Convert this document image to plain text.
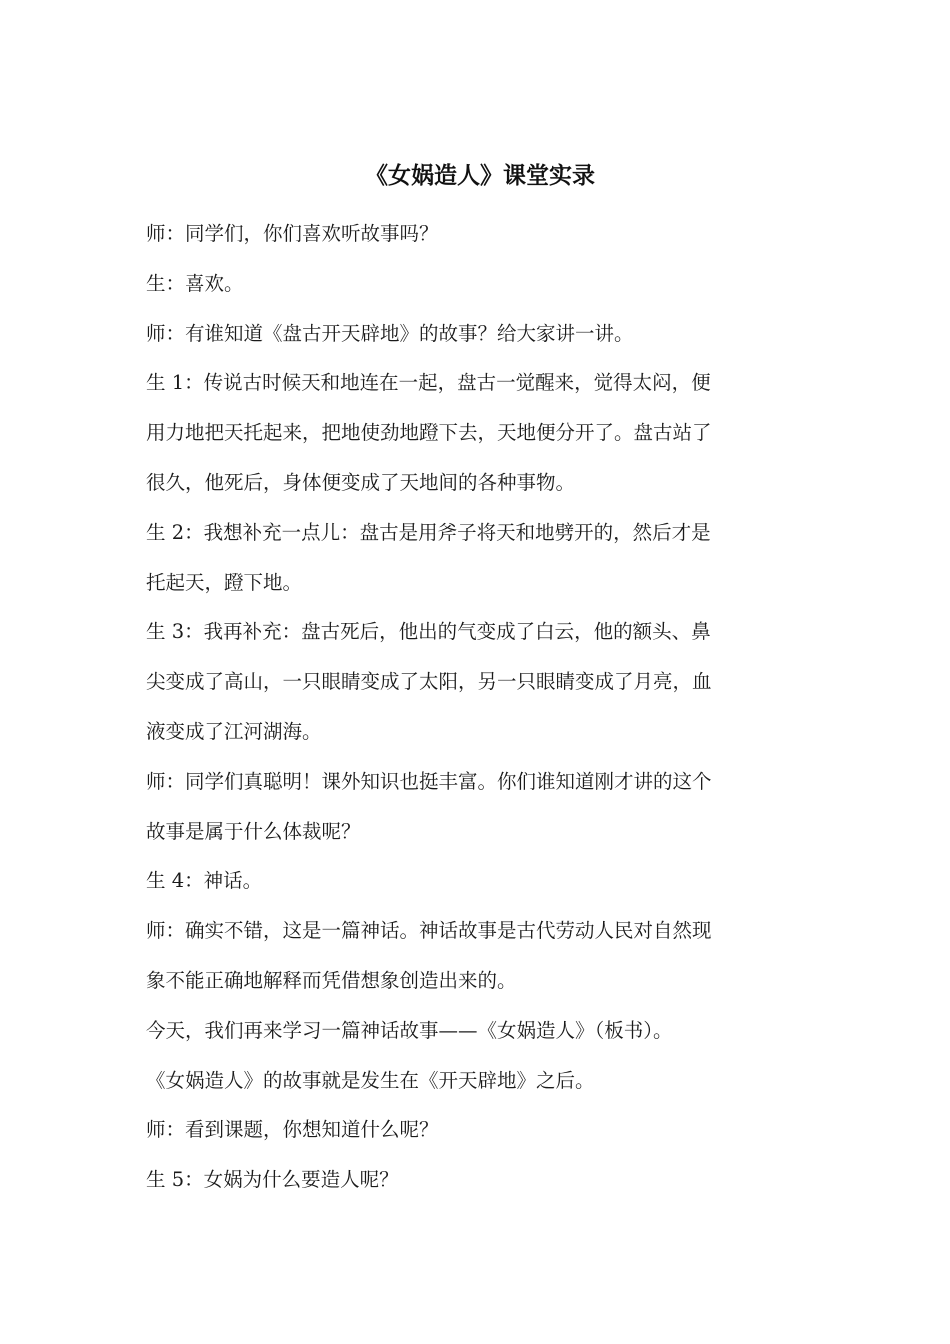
《女娲造人》课堂实录
师：同学们，你们喜欢听故事吗？
生：喜欢。
师：有谁知道《盘古开天辟地》的故事？给大家讲一讲。
生 1：传说古时候天和地连在一起，盘古一觉醒来，觉得太闷，便
用力地把天托起来，把地使劲地蹬下去，天地便分开了。盘古站了
很久，他死后，身体便变成了天地间的各种事物。
生 2：我想补充一点儿：盘古是用斧子将天和地劈开的，然后才是
托起天，蹬下地。
生 3：我再补充：盘古死后，他出的气变成了白云，他的额头、鼻
尖变成了高山，一只眼睛变成了太阳，另一只眼睛变成了月亮，血
液变成了江河湖海。
师：同学们真聪明！课外知识也挺丰富。你们谁知道刚才讲的这个
故事是属于什么体裁呢？
生 4：神话。
师：确实不错，这是一篇神话。神话故事是古代劳动人民对自然现
象不能正确地解释而凭借想象创造出来的。
今天，我们再来学习一篇神话故事——《女娲造人》（板书）。
《女娲造人》的故事就是发生在《开天辟地》之后。
师：看到课题，你想知道什么呢？
生 5：女娲为什么要造人呢？
